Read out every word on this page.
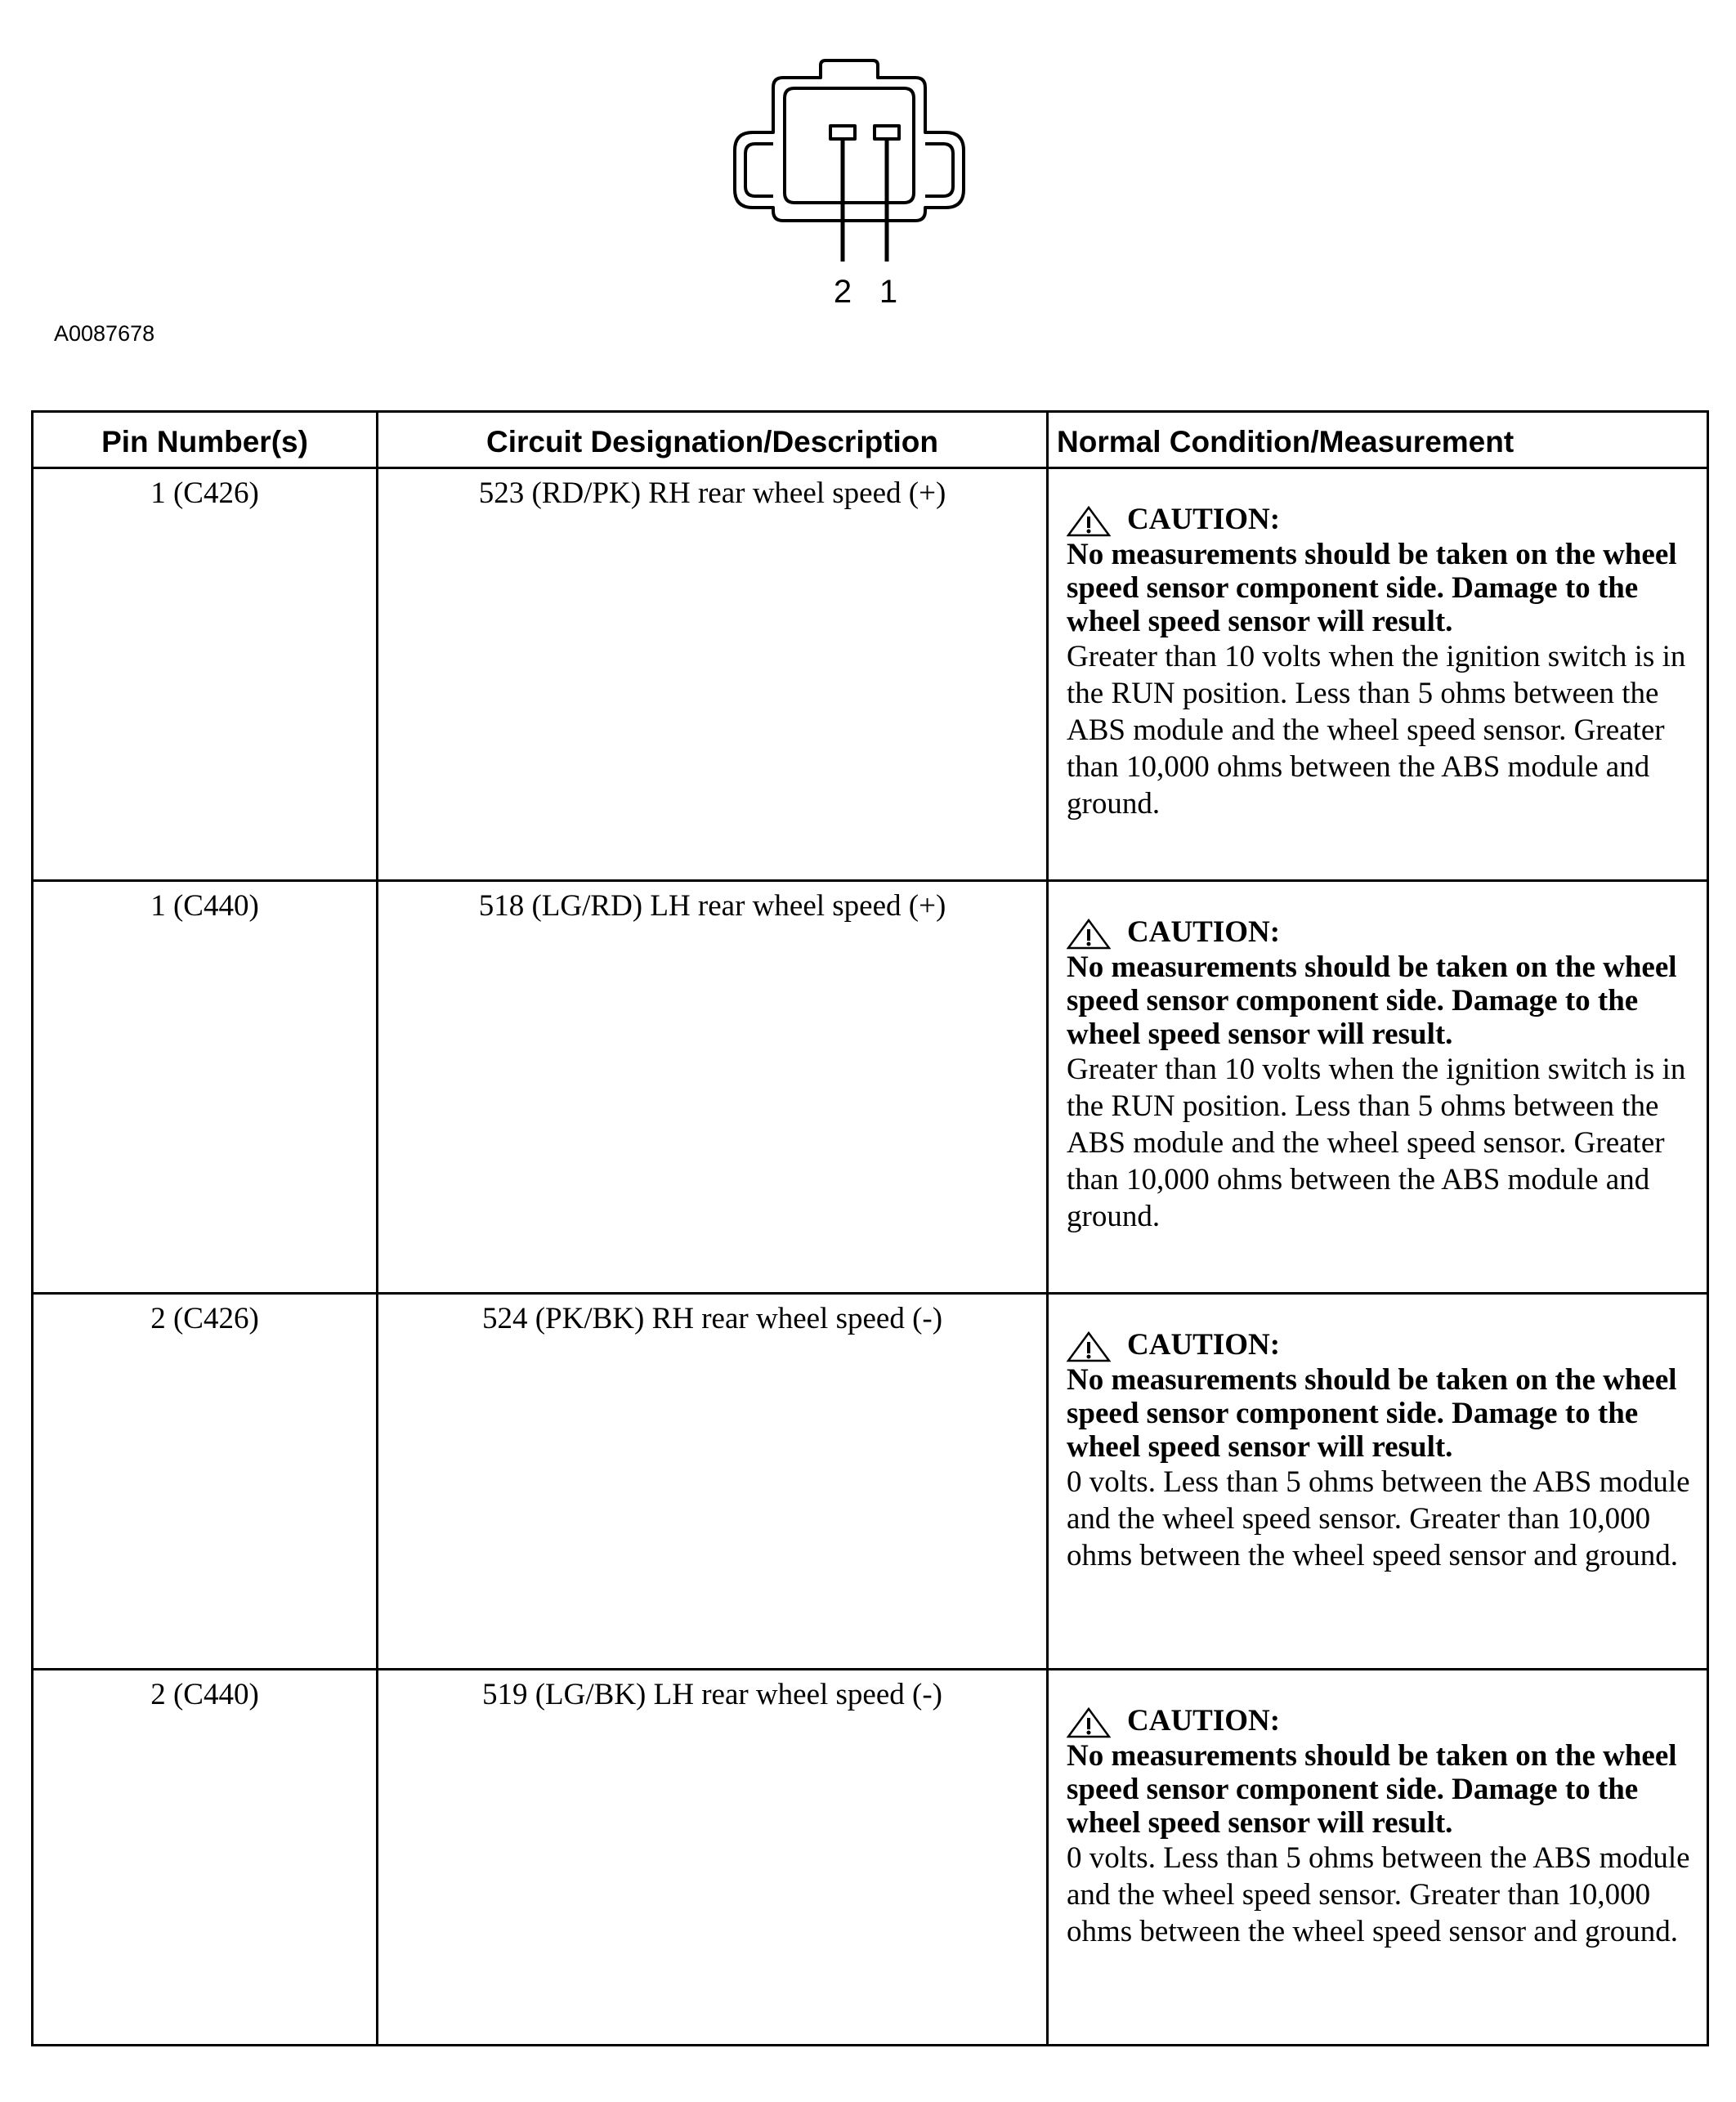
2 1
A0087678
Pin Number(s)	Circuit Designation/Description	Normal Condition/Measurement
1 (C426)	523 (RD/PK) RH rear wheel speed (+)	CAUTION:
No measurements should be taken on the wheel speed sensor component side. Damage to the wheel speed sensor will result.
Greater than 10 volts when the ignition switch is in the RUN position. Less than 5 ohms between the ABS module and the wheel speed sensor. Greater than 10,000 ohms between the ABS module and ground.

1 (C440)	518 (LG/RD) LH rear wheel speed (+)	CAUTION:
No measurements should be taken on the wheel speed sensor component side. Damage to the wheel speed sensor will result.
Greater than 10 volts when the ignition switch is in the RUN position. Less than 5 ohms between the ABS module and the wheel speed sensor. Greater than 10,000 ohms between the ABS module and ground.

2 (C426)	524 (PK/BK) RH rear wheel speed (-)	CAUTION:
No measurements should be taken on the wheel speed sensor component side. Damage to the wheel speed sensor will result.
0 volts. Less than 5 ohms between the ABS module and the wheel speed sensor. Greater than 10,000 ohms between the wheel speed sensor and ground.

2 (C440)	519 (LG/BK) LH rear wheel speed (-)	CAUTION:
No measurements should be taken on the wheel speed sensor component side. Damage to the wheel speed sensor will result.
0 volts. Less than 5 ohms between the ABS module and the wheel speed sensor. Greater than 10,000 ohms between the wheel speed sensor and ground.
